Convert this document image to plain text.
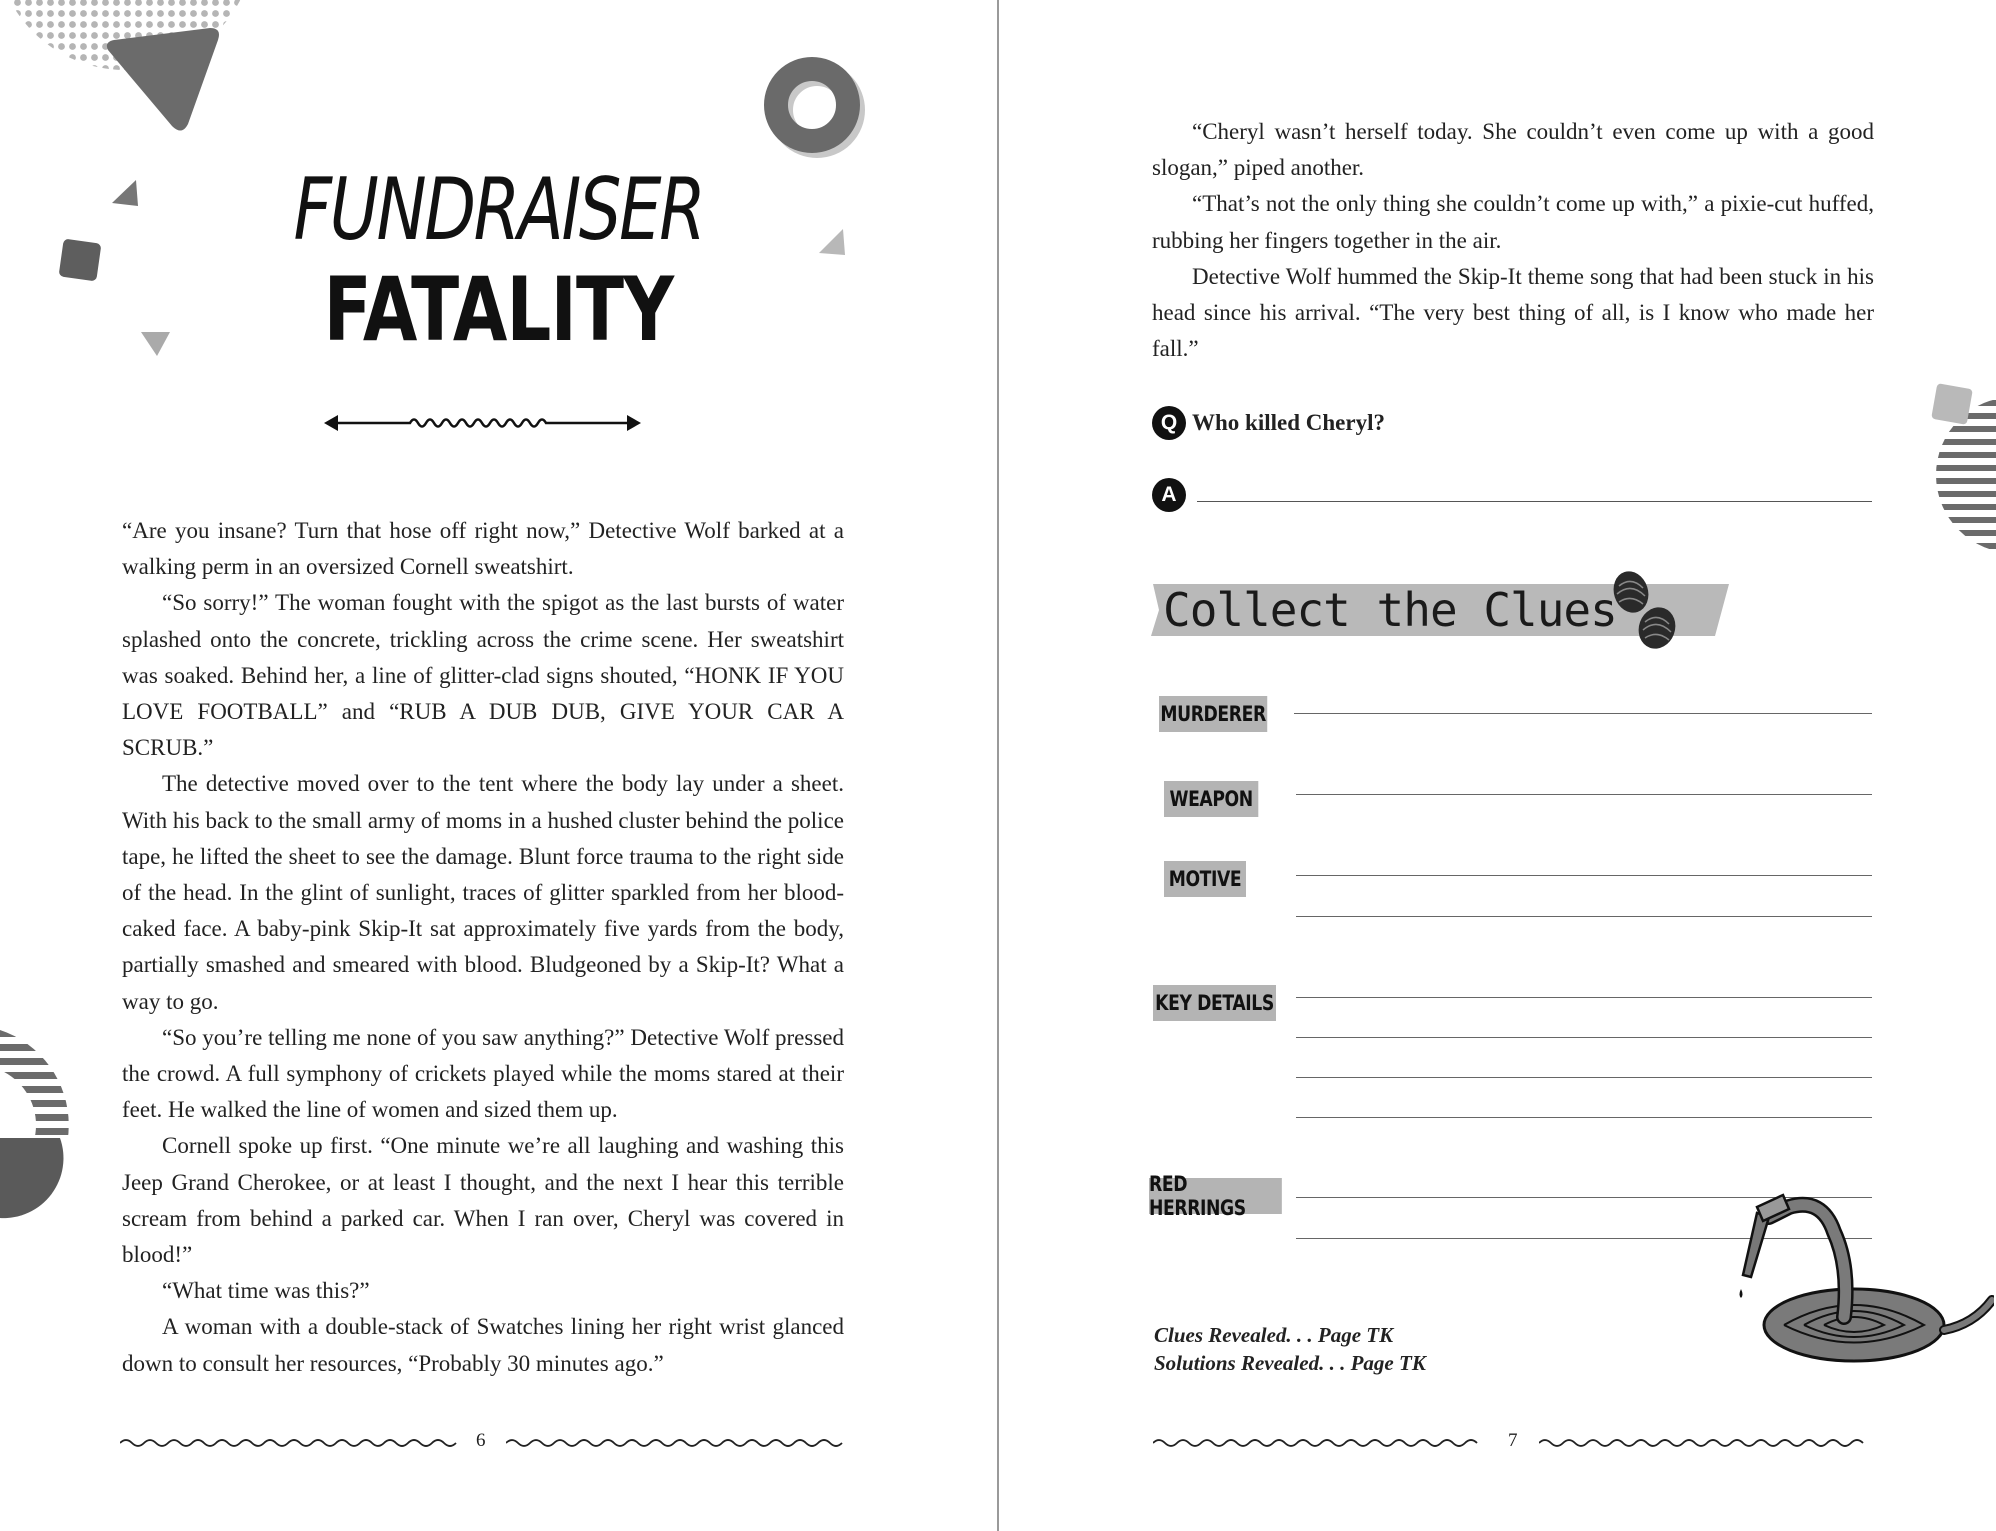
FUNDRAISER
FATALITY

“Are you insane? Turn that hose off right now,” Detective Wolf barked at a walking perm in an oversized Cornell sweatshirt.

“So sorry!” The woman fought with the spigot as the last bursts of water splashed onto the concrete, trickling across the crime scene. Her sweatshirt was soaked. Behind her, a line of glitter-clad signs shouted, “HONK IF YOU LOVE FOOTBALL” and “RUB A DUB DUB, GIVE YOUR CAR A SCRUB.”

The detective moved over to the tent where the body lay under a sheet. With his back to the small army of moms in a hushed cluster behind the police tape, he lifted the sheet to see the damage. Blunt force trauma to the right side of the head. In the glint of sunlight, traces of glitter sparkled from her blood-caked face. A baby-pink Skip-It sat approximately five yards from the body, partially smashed and smeared with blood. Bludgeoned by a Skip-It? What a way to go.

“So you’re telling me none of you saw anything?” Detective Wolf pressed the crowd. A full symphony of crickets played while the moms stared at their feet. He walked the line of women and sized them up.

Cornell spoke up first. “One minute we’re all laughing and washing this Jeep Grand Cherokee, or at least I thought, and the next I hear this terrible scream from behind a parked car. When I ran over, Cheryl was covered in blood!”

“What time was this?”

A woman with a double-stack of Swatches lining her right wrist glanced down to consult her resources, “Probably 30 minutes ago.”

6

“Cheryl wasn’t herself today. She couldn’t even come up with a good slogan,” piped another.

“That’s not the only thing she couldn’t come up with,” a pixie-cut huffed, rubbing her fingers together in the air.

Detective Wolf hummed the Skip-It theme song that had been stuck in his head since his arrival. “The very best thing of all, is I know who made her fall.”

Q Who killed Cheryl?
A
Collect the Clues
MURDERER
WEAPON
MOTIVE
KEY DETAILS
RED HERRINGS
Clues Revealed. . . Page TK
Solutions Revealed. . . Page TK
7
